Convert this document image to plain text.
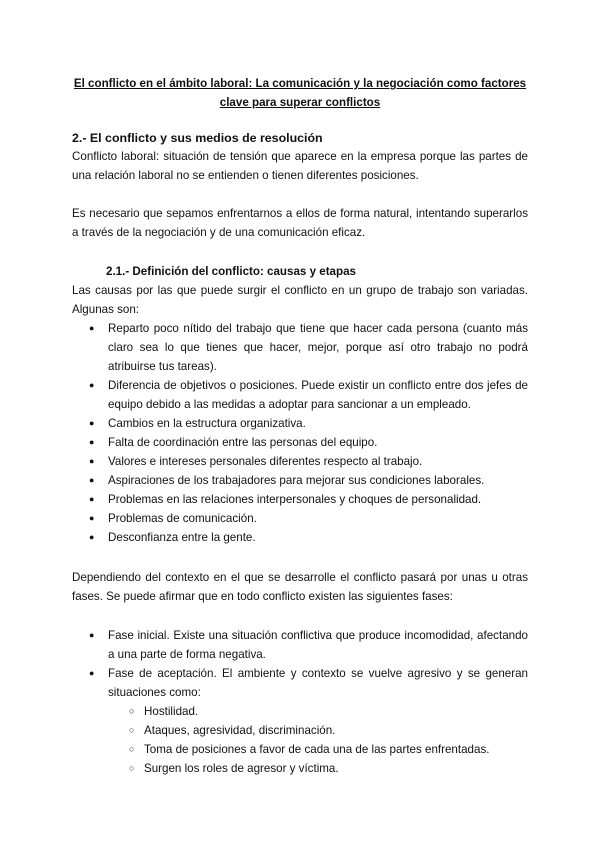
El conflicto en el ámbito laboral: La comunicación y la negociación como factores
clave para superar conflictos
2.- El conflicto y sus medios de resolución

Conflicto laboral: situación de tensión que aparece en la empresa porque las partes de una relación laboral no se entienden o tienen diferentes posiciones.

Es necesario que sepamos enfrentarnos a ellos de forma natural, intentando superarlos a través de la negociación y de una comunicación eficaz.

2.1.- Definición del conflicto: causas y etapas

Las causas por las que puede surgir el conflicto en un grupo de trabajo son variadas. Algunas son:

● Reparto poco nítido del trabajo que tiene que hacer cada persona (cuanto más claro sea lo que tienes que hacer, mejor, porque así otro trabajo no podrá atribuirse tus tareas).
● Diferencia de objetivos o posiciones. Puede existir un conflicto entre dos jefes de equipo debido a las medidas a adoptar para sancionar a un empleado.
● Cambios en la estructura organizativa.
● Falta de coordinación entre las personas del equipo.
● Valores e intereses personales diferentes respecto al trabajo.
● Aspiraciones de los trabajadores para mejorar sus condiciones laborales.
● Problemas en las relaciones interpersonales y choques de personalidad.
● Problemas de comunicación.
● Desconfianza entre la gente.

Dependiendo del contexto en el que se desarrolle el conflicto pasará por unas u otras fases. Se puede afirmar que en todo conflicto existen las siguientes fases:

● Fase inicial. Existe una situación conflictiva que produce incomodidad, afectando a una parte de forma negativa.
● Fase de aceptación. El ambiente y contexto se vuelve agresivo y se generan situaciones como:
○ Hostilidad.
○ Ataques, agresividad, discriminación.
○ Toma de posiciones a favor de cada una de las partes enfrentadas.
○ Surgen los roles de agresor y víctima.
